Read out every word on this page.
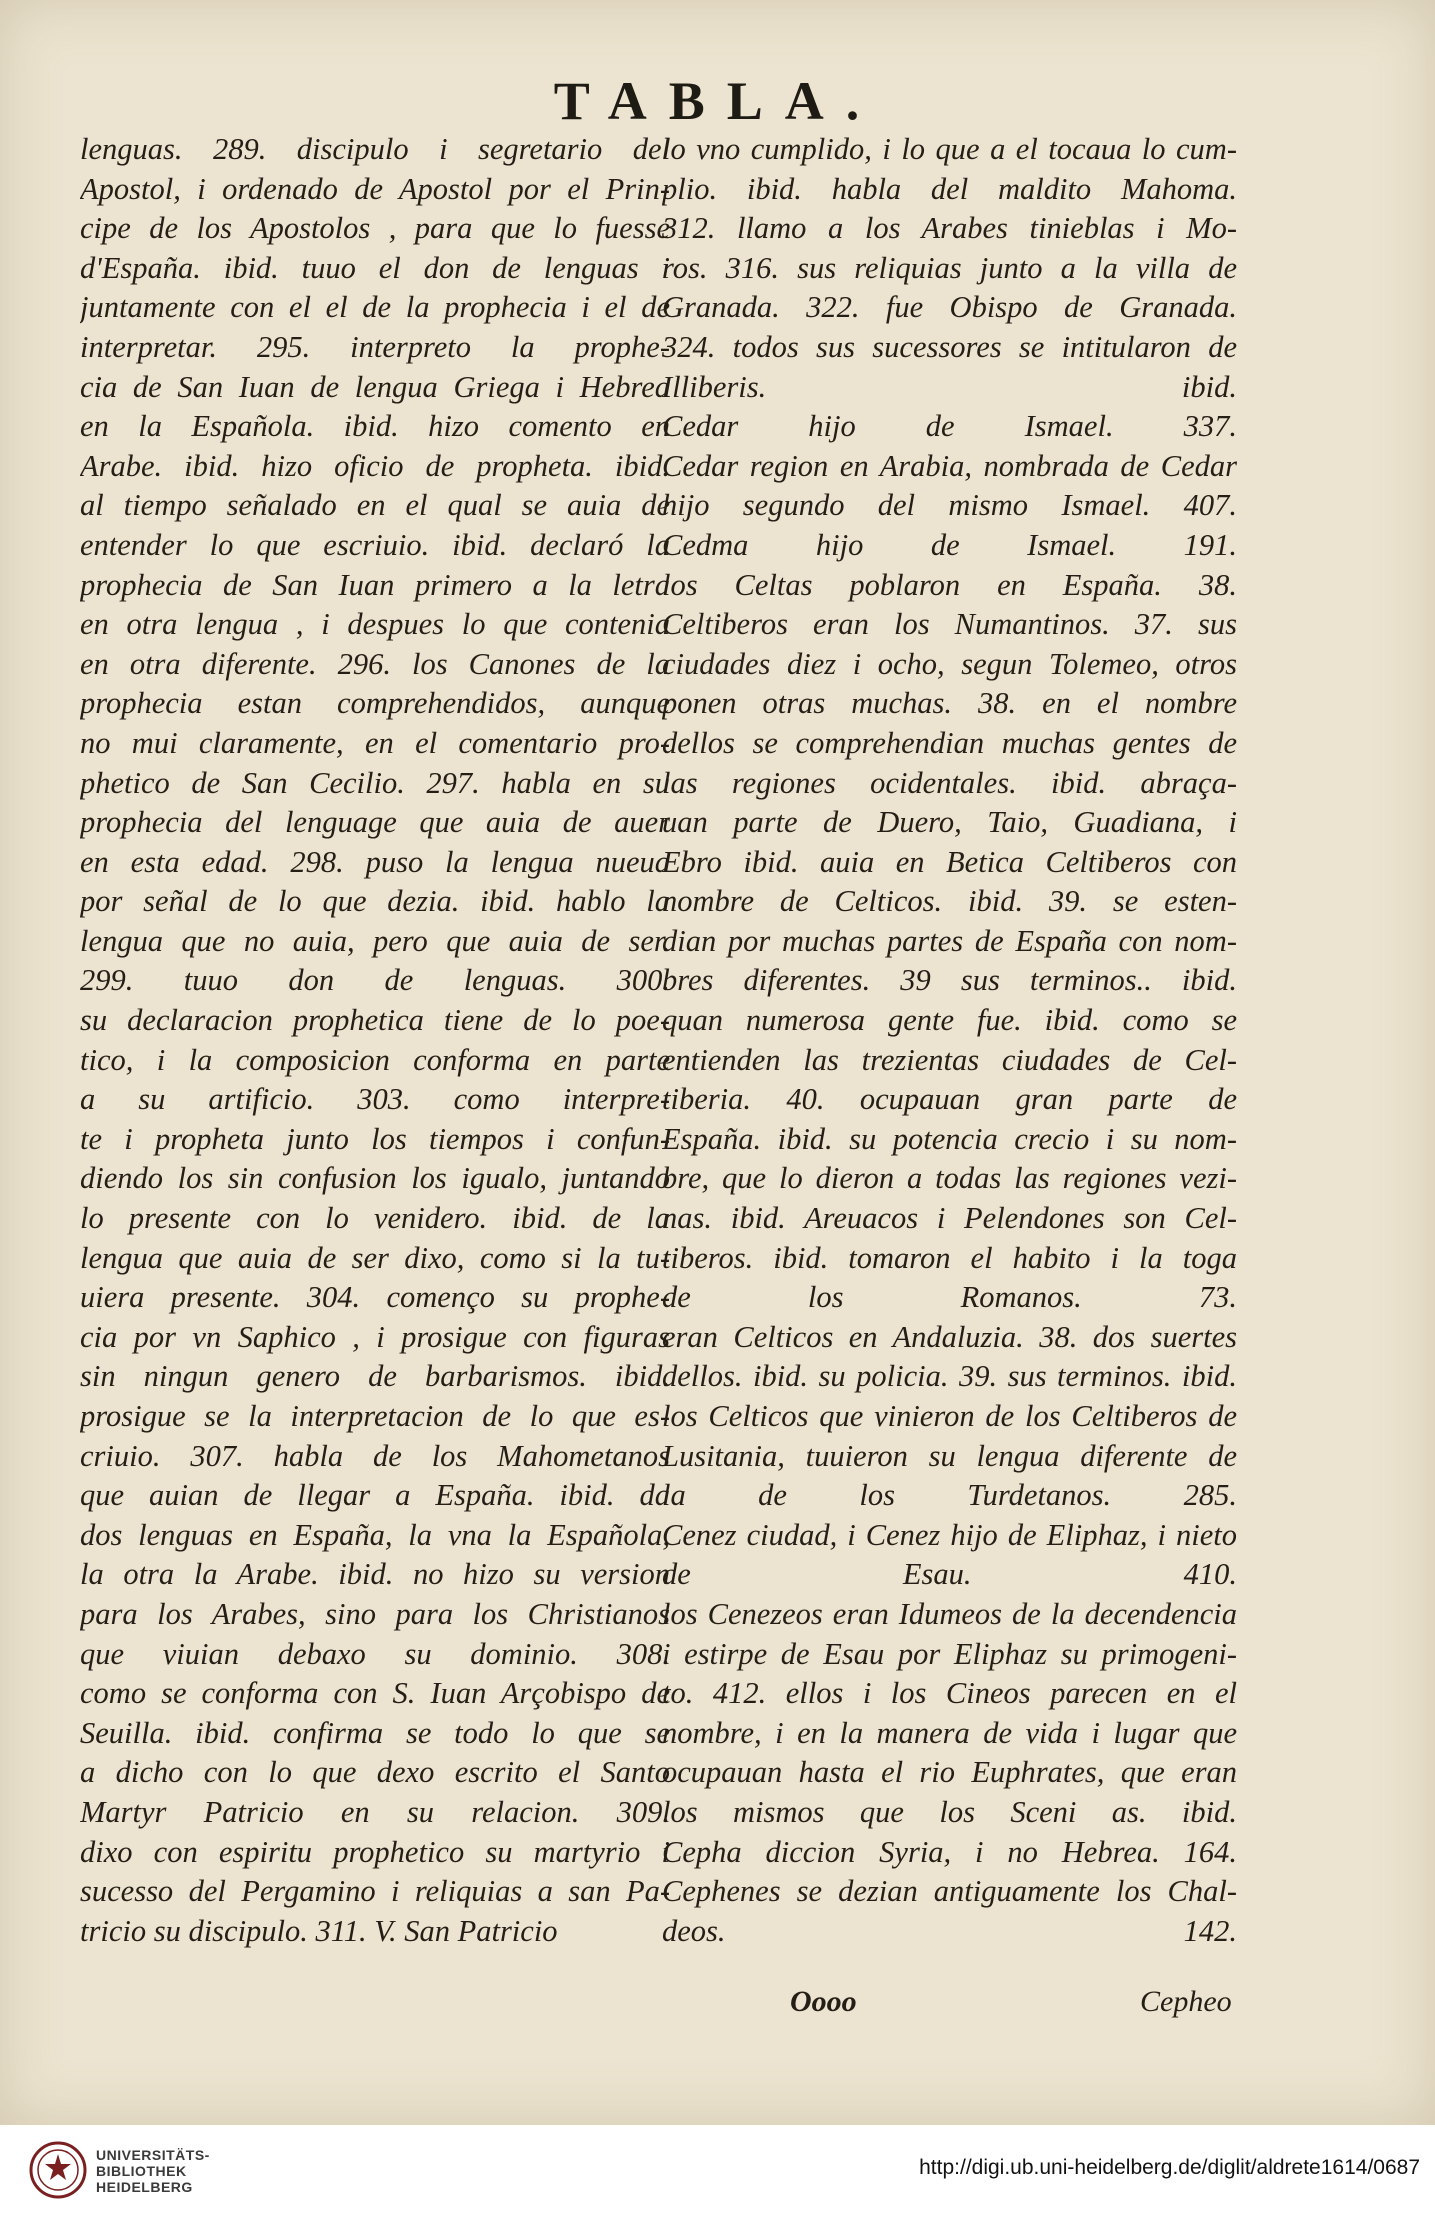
TABLA.
lenguas. 289. discipulo i segretario del
Apostol, i ordenado de Apostol por el Prin-
cipe de los Apostolos , para que lo fuesse
d'España. ibid. tuuo el don de lenguas i
juntamente con el el de la prophecia i el de
interpretar. 295. interpreto la prophe-
cia de San Iuan de lengua Griega i Hebrea
en la Española. ibid. hizo comento en
Arabe. ibid. hizo oficio de propheta. ibid.
al tiempo señalado en el qual se auia de
entender lo que escriuio. ibid. declaró la
prophecia de San Iuan primero a la letra
en otra lengua , i despues lo que contenia
en otra diferente. 296. los Canones de la
prophecia estan comprehendidos, aunque
no mui claramente, en el comentario pro-
phetico de San Cecilio. 297. habla en su
prophecia del lenguage que auia de auer
en esta edad. 298. puso la lengua nueua
por señal de lo que dezia. ibid. hablo la
lengua que no auia, pero que auia de ser.
299. tuuo don de lenguas. 300.
su declaracion prophetica tiene de lo poe-
tico, i la composicion conforma en parte
a su artificio. 303. como interpre-
te i propheta junto los tiempos i confun-
diendo los sin confusion los igualo, juntando
lo presente con lo venidero. ibid. de la
lengua que auia de ser dixo, como si la tu-
uiera presente. 304. començo su prophe-
cia por vn Saphico , i prosigue con figuras
sin ningun genero de barbarismos. ibid.
prosigue se la interpretacion de lo que es-
criuio. 307. habla de los Mahometanos
que auian de llegar a España. ibid. da
dos lenguas en España, la vna la Española,
la otra la Arabe. ibid. no hizo su version
para los Arabes, sino para los Christianos
que viuian debaxo su dominio. 308.
como se conforma con S. Iuan Arçobispo de
Seuilla. ibid. confirma se todo lo que se
a dicho con lo que dexo escrito el Santo
Martyr Patricio en su relacion. 309.
dixo con espiritu prophetico su martyrio i
sucesso del Pergamino i reliquias a san Pa-
tricio su discipulo. 311. V. San Patricio
lo vno cumplido, i lo que a el tocaua lo cum-
plio. ibid. habla del maldito Mahoma.
312. llamo a los Arabes tinieblas i Mo-
ros. 316. sus reliquias junto a la villa de
Granada. 322. fue Obispo de Granada.
324. todos sus sucessores se intitularon de
Illiberis. ibid.
Cedar hijo de Ismael. 337.
Cedar region en Arabia, nombrada de Cedar
hijo segundo del mismo Ismael. 407.
Cedma hijo de Ismael. 191.
los Celtas poblaron en España. 38.
Celtiberos eran los Numantinos. 37. sus
ciudades diez i ocho, segun Tolemeo, otros
ponen otras muchas. 38. en el nombre
dellos se comprehendian muchas gentes de
las regiones ocidentales. ibid. abraça-
uan parte de Duero, Taio, Guadiana, i
Ebro ibid. auia en Betica Celtiberos con
nombre de Celticos. ibid. 39. se esten-
dian por muchas partes de España con nom-
bres diferentes. 39 sus terminos.. ibid.
quan numerosa gente fue. ibid. como se
entienden las trezientas ciudades de Cel-
tiberia. 40. ocupauan gran parte de
España. ibid. su potencia crecio i su nom-
bre, que lo dieron a todas las regiones vezi-
nas. ibid. Areuacos i Pelendones son Cel-
tiberos. ibid. tomaron el habito i la toga
de los Romanos. 73.
eran Celticos en Andaluzia. 38. dos suertes
dellos. ibid. su policia. 39. sus terminos. ibid.
los Celticos que vinieron de los Celtiberos de
Lusitania, tuuieron su lengua diferente de
la de los Turdetanos. 285.
Cenez ciudad, i Cenez hijo de Eliphaz, i nieto
de Esau. 410.
los Cenezeos eran Idumeos de la decendencia
i estirpe de Esau por Eliphaz su primogeni-
to. 412. ellos i los Cineos parecen en el
nombre, i en la manera de vida i lugar que
ocupauan hasta el rio Euphrates, que eran
los mismos que los Sceni as. ibid.
Cepha diccion Syria, i no Hebrea. 164.
Cephenes se dezian antiguamente los Chal-
deos. 142.
Oooo	Cepheo
UNIVERSITÄTS-
BIBLIOTHEK
HEIDELBERG
http://digi.ub.uni-heidelberg.de/diglit/aldrete1614/0687
